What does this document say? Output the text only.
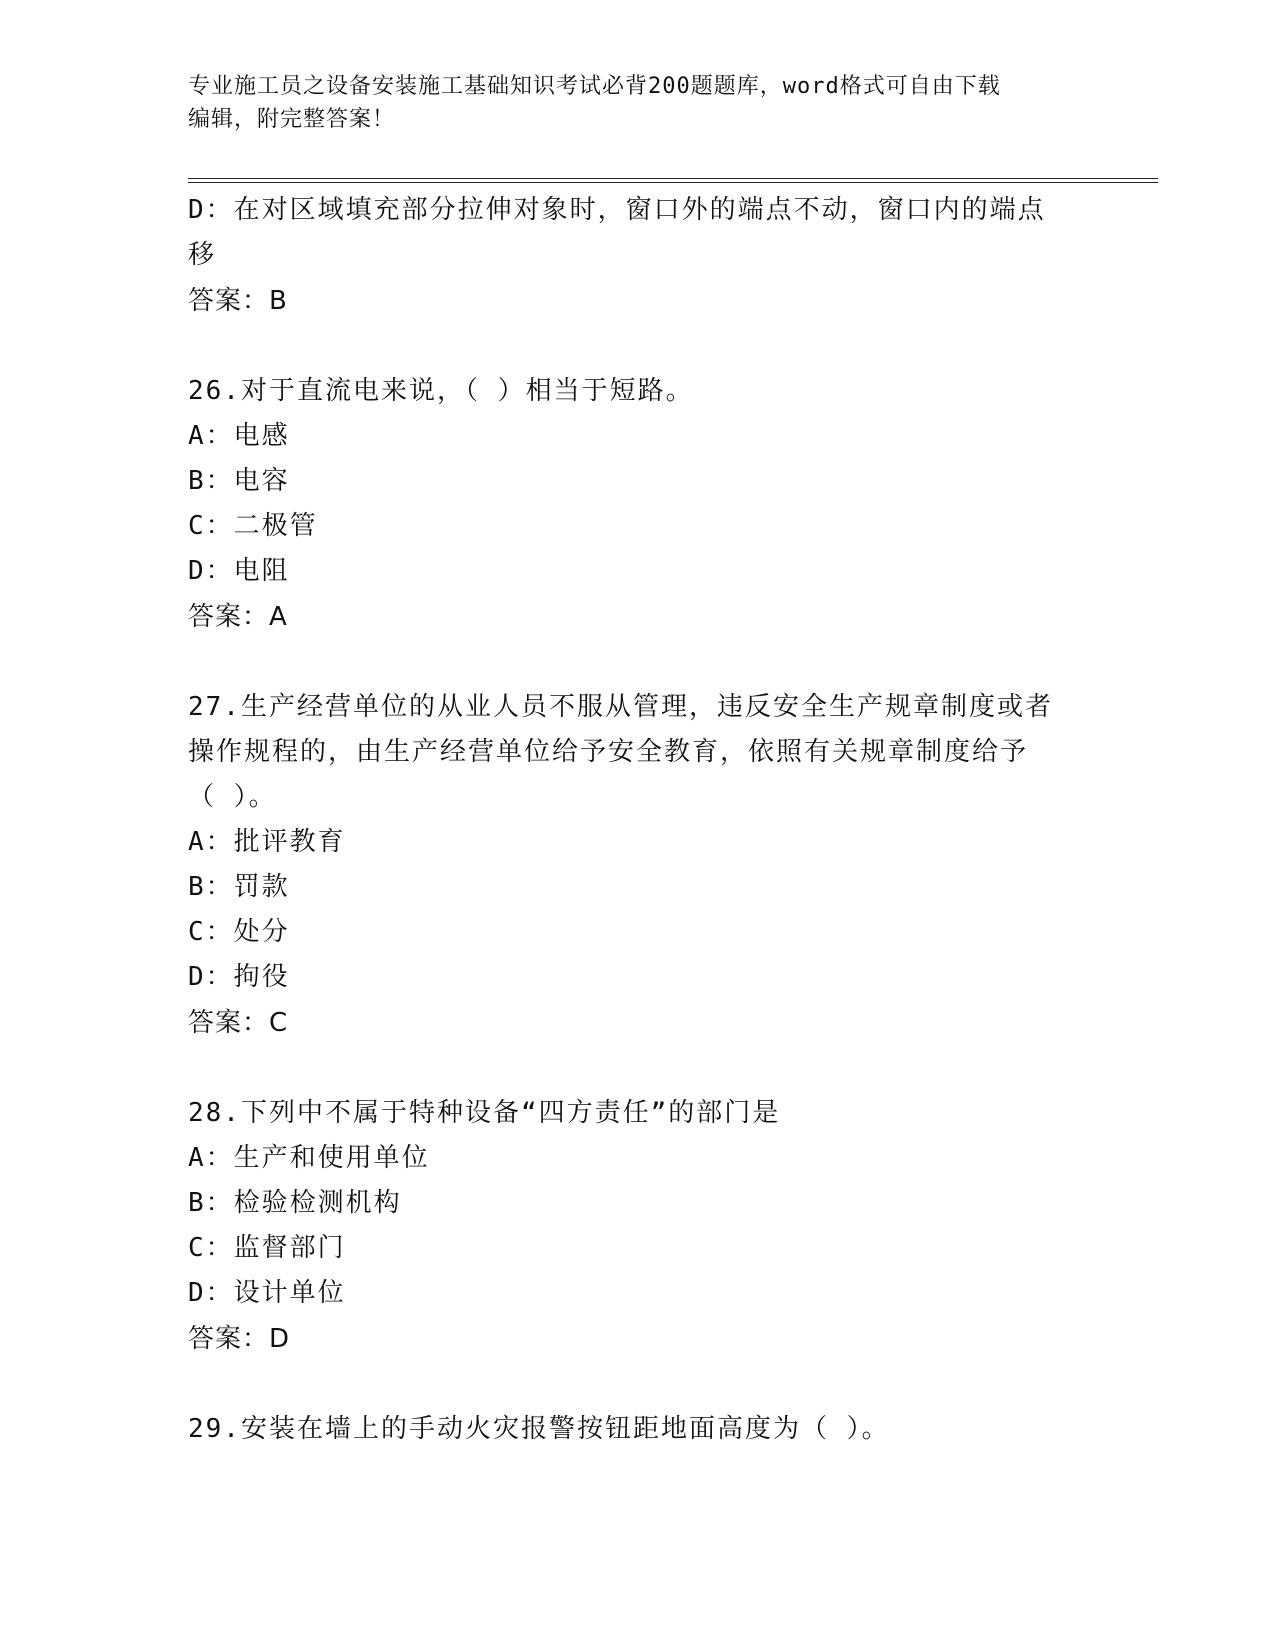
专业施工员之设备安装施工基础知识考试必背200题题库，word格式可自由下载
编辑，附完整答案！
D：在对区域填充部分拉伸对象时，窗口外的端点不动，窗口内的端点
移
答案：B
26.对于直流电来说，（ ）相当于短路。
A：电感
B：电容
C：二极管
D：电阻
答案：A
27.生产经营单位的从业人员不服从管理，违反安全生产规章制度或者
操作规程的，由生产经营单位给予安全教育，依照有关规章制度给予
（ ）。
A：批评教育
B：罚款
C：处分
D：拘役
答案：C
28.下列中不属于特种设备“四方责任”的部门是
A：生产和使用单位
B：检验检测机构
C：监督部门
D：设计单位
答案：D
29.安装在墙上的手动火灾报警按钮距地面高度为（ ）。
